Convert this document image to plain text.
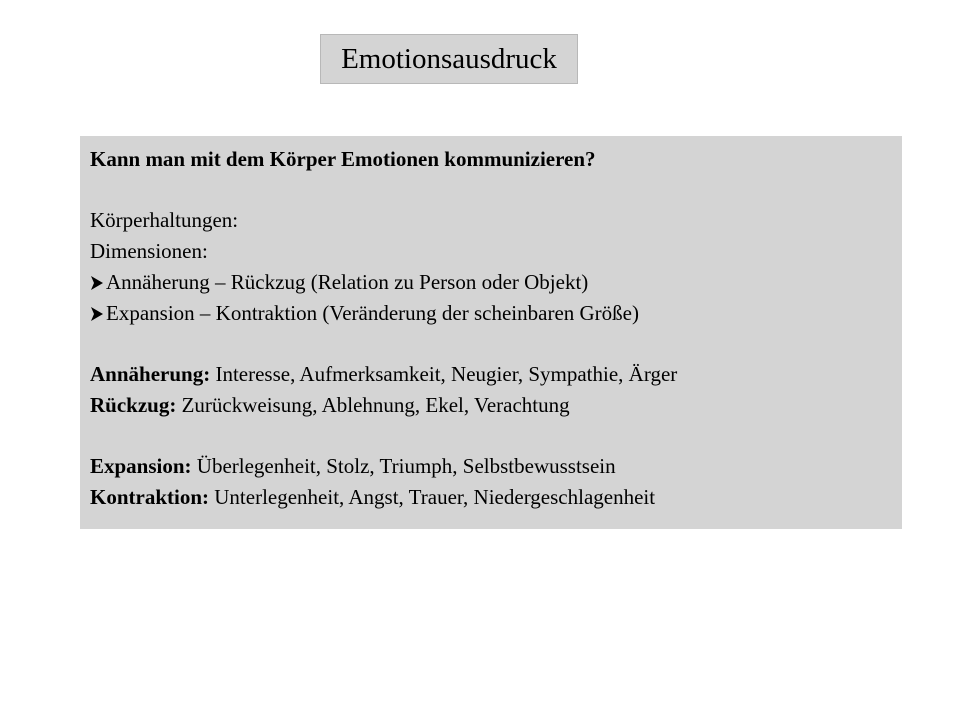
Emotionsausdruck
Kann man mit dem Körper Emotionen kommunizieren?
Körperhaltungen:
Dimensionen:
Annäherung – Rückzug (Relation zu Person oder Objekt)
Expansion – Kontraktion (Veränderung der scheinbaren Größe)
Annäherung: Interesse, Aufmerksamkeit, Neugier, Sympathie, Ärger
Rückzug: Zurückweisung, Ablehnung, Ekel, Verachtung
Expansion: Überlegenheit, Stolz, Triumph, Selbstbewusstsein
Kontraktion: Unterlegenheit, Angst, Trauer, Niedergeschlagenheit
